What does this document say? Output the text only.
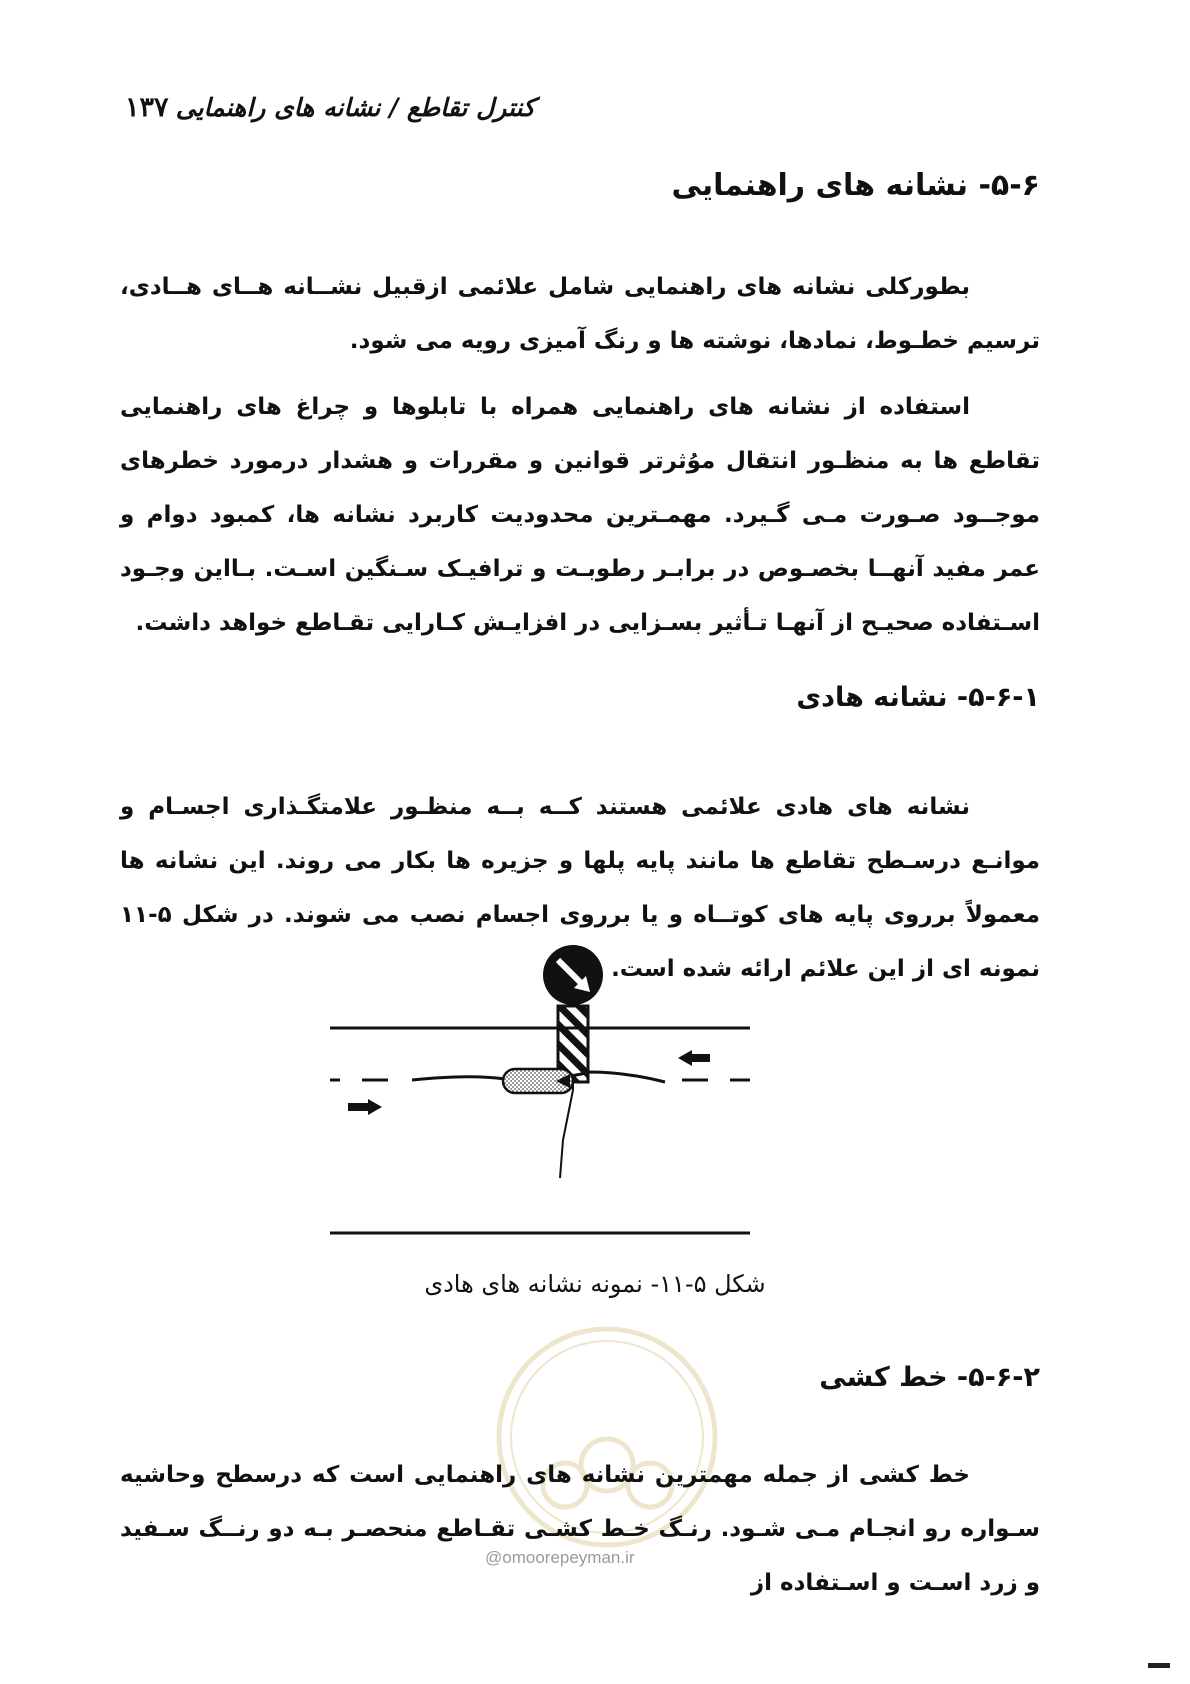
۱۳۷ کنترل تقاطع / نشانه های راهنمایی
۵-۶- نشانه های راهنمایی

بطورکلی نشانه های راهنمایی شامل علائمی ازقبیل نشــانه هــای هــادی، ترسیم خطـوط، نمادها، نوشته ها و رنگ آمیزی رویه می شود.

استفاده از نشانه های راهنمایی همراه با تابلوها و چراغ های راهنمایی تقاطع ها به منظـور انتقال موُثرتر قوانین و مقررات و هشدار درمورد خطرهای موجــود صـورت مـی گـیرد. مهمـترین محدودیت کاربرد نشانه ها، کمبود دوام و عمر مفید آنهــا بخصـوص در برابـر رطوبـت و ترافیـک سـنگین اسـت. بـااین وجـود اسـتفاده صحیـح از آنهـا تـأثیر بسـزایی در افزایـش کـارایی تقـاطع خواهد داشت.

۵-۶-۱- نشانه هادی

نشانه های هادی علائمی هستند کــه بــه منظـور علامتگـذاری اجسـام و موانـع درسـطح تقاطع ها مانند پایه پلها و جزیره ها بکار می روند. این نشانه ها معمولاً برروی پایه های کوتــاه و یا برروی اجسام نصب می شوند. در شکل ۵-۱۱ نمونه ای از این علائم ارائه شده است.

شکل ۵-۱۱- نمونه نشانه های هادی
@omoorepeyman.ir
۵-۶-۲- خط کشی

خط کشی از جمله مهمترین نشانه های راهنمایی است که درسطح وحاشیه سـواره رو انجـام مـی شـود. رنـگ خـط کشـی تقـاطع منحصـر بـه دو رنــگ سـفید و زرد اسـت و اسـتفاده از
